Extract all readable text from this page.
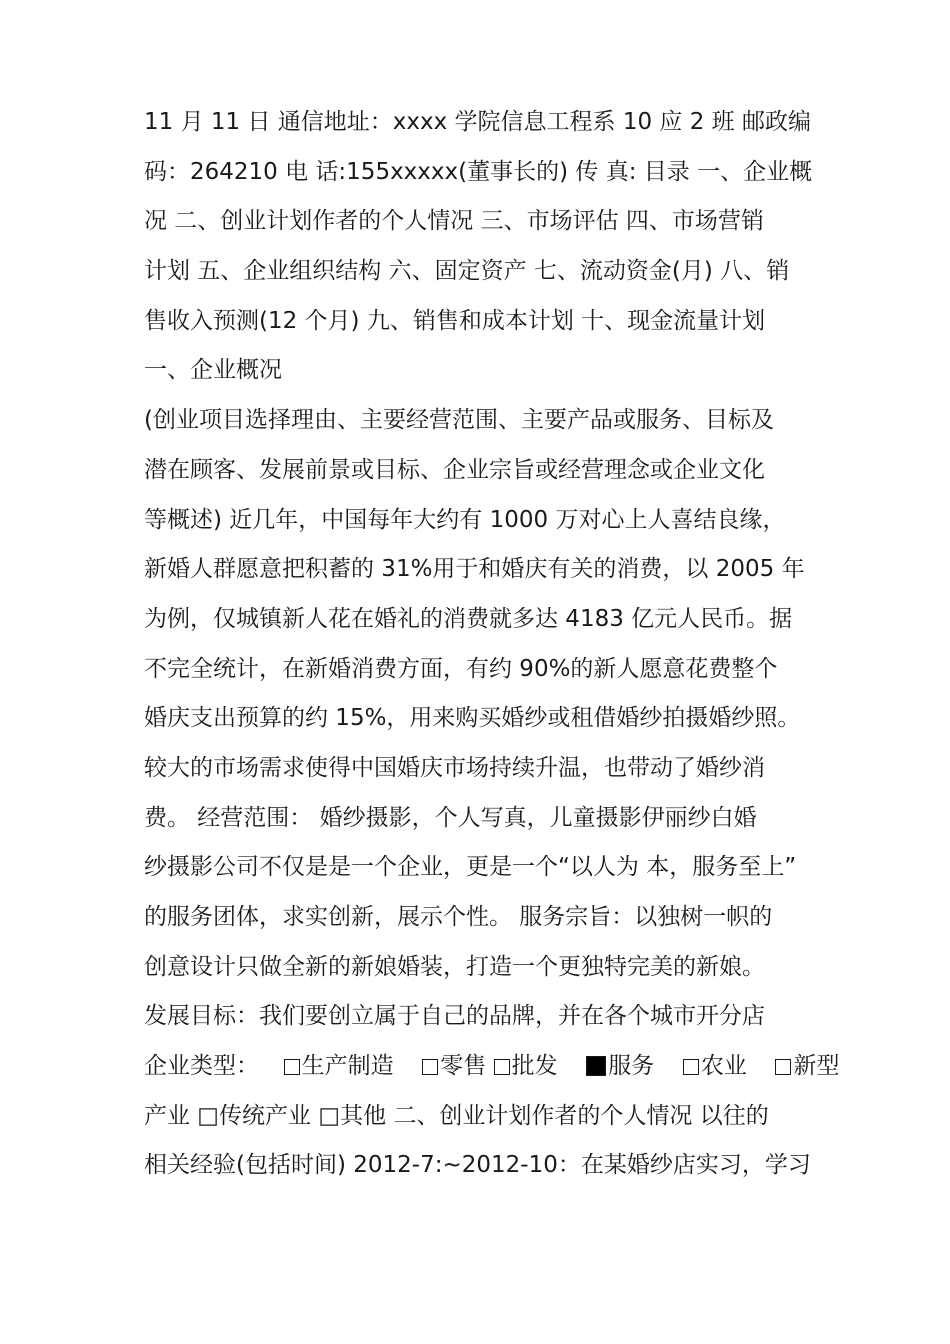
11 月 11 日 通信地址：xxxx 学院信息工程系 10 应 2 班 邮政编
码：264210 电 话:155xxxxx(董事长的) 传 真: 目录 一、企业概
况 二、创业计划作者的个人情况 三、市场评估 四、市场营销
计划 五、企业组织结构 六、固定资产 七、流动资金(月) 八、销
售收入预测(12 个月) 九、销售和成本计划 十、现金流量计划
一、企业概况
(创业项目选择理由、主要经营范围、主要产品或服务、目标及
潜在顾客、发展前景或目标、企业宗旨或经营理念或企业文化
等概述) 近几年，中国每年大约有 1000 万对心上人喜结良缘，
新婚人群愿意把积蓄的 31%用于和婚庆有关的消费，以 2005 年
为例，仅城镇新人花在婚礼的消费就多达 4183 亿元人民币。据
不完全统计，在新婚消费方面，有约 90%的新人愿意花费整个
婚庆支出预算的约 15%，用来购买婚纱或租借婚纱拍摄婚纱照。
较大的市场需求使得中国婚庆市场持续升温，也带动了婚纱消
费。 经营范围： 婚纱摄影，个人写真，儿童摄影伊丽纱白婚
纱摄影公司不仅是是一个企业，更是一个“以人为 本，服务至上”
的服务团体，求实创新，展示个性。 服务宗旨：以独树一帜的
创意设计只做全新的新娘婚装，打造一个更独特完美的新娘。
发展目标：我们要创立属于自己的品牌，并在各个城市开分店
企业类型： 生产制造 零售 批发 服务 农业 新型
产业 □传统产业 □其他 二、创业计划作者的个人情况 以往的
相关经验(包括时间) 2012-7:~2012-10：在某婚纱店实习，学习
